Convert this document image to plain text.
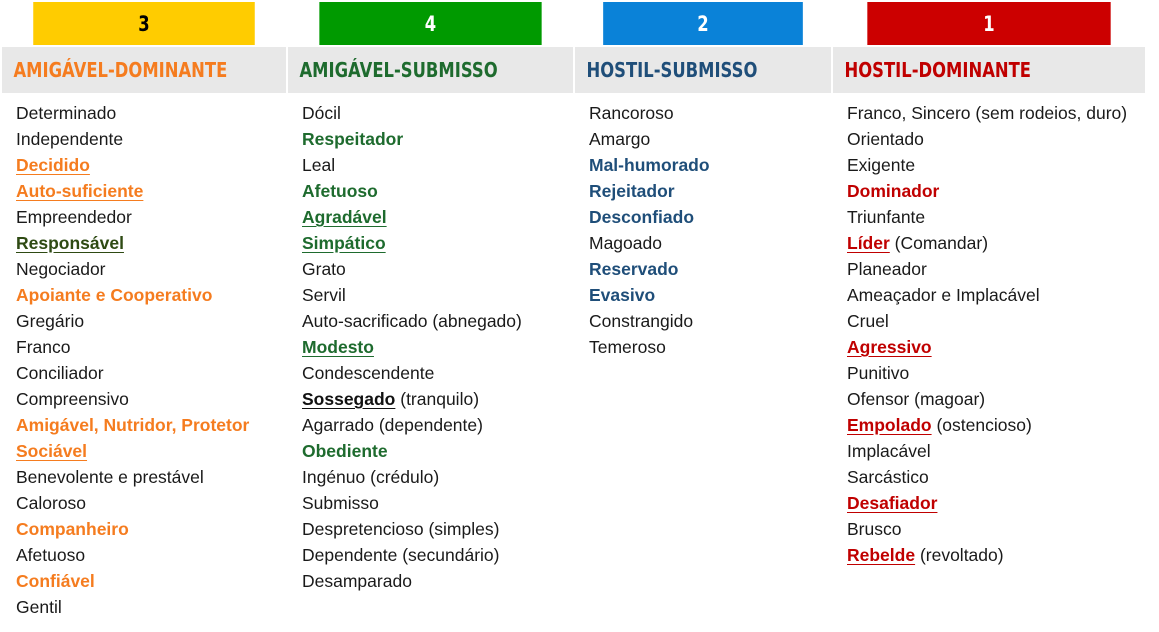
3
AMIGÁVEL-DOMINANTE
Determinado
Independente
Decidido
Auto-suficiente
Empreendedor
Responsável
Negociador
Apoiante e Cooperativo
Gregário
Franco
Conciliador
Compreensivo
Amigável, Nutridor, Protetor
Sociável
Benevolente e prestável
Caloroso
Companheiro
Afetuoso
Confiável
Gentil
4
AMIGÁVEL-SUBMISSO
Dócil
Respeitador
Leal
Afetuoso
Agradável
Simpático
Grato
Servil
Auto-sacrificado (abnegado)
Modesto
Condescendente
Sossegado (tranquilo)
Agarrado (dependente)
Obediente
Ingénuo (crédulo)
Submisso
Despretencioso (simples)
Dependente (secundário)
Desamparado
2
HOSTIL-SUBMISSO
Rancoroso
Amargo
Mal-humorado
Rejeitador
Desconfiado
Magoado
Reservado
Evasivo
Constrangido
Temeroso
1
HOSTIL-DOMINANTE
Franco, Sincero (sem rodeios, duro)
Orientado
Exigente
Dominador
Triunfante
Líder (Comandar)
Planeador
Ameaçador e Implacável
Cruel
Agressivo
Punitivo
Ofensor (magoar)
Empolado (ostencioso)
Implacável
Sarcástico
Desafiador
Brusco
Rebelde (revoltado)
